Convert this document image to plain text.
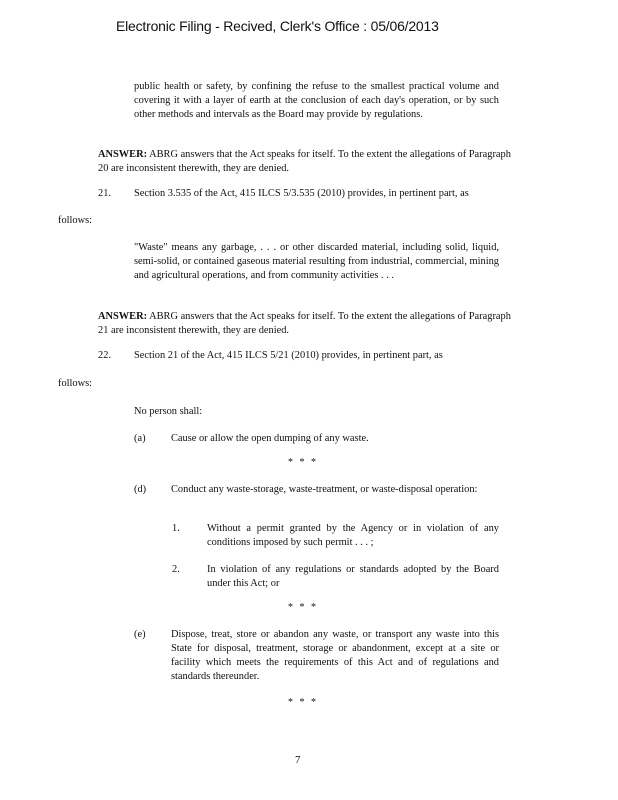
Electronic Filing - Recived, Clerk's Office : 05/06/2013

public health or safety, by confining the refuse to the smallest practical volume and covering it with a layer of earth at the conclusion of each day's operation, or by such other methods and intervals as the Board may provide by regulations.

ANSWER: ABRG answers that the Act speaks for itself. To the extent the allegations of Paragraph 20 are inconsistent therewith, they are denied.

21. Section 3.535 of the Act, 415 ILCS 5/3.535 (2010) provides, in pertinent part, as

follows:

"Waste" means any garbage, . . . or other discarded material, including solid, liquid, semi-solid, or contained gaseous material resulting from industrial, commercial, mining and agricultural operations, and from community activities . . .

ANSWER: ABRG answers that the Act speaks for itself. To the extent the allegations of Paragraph 21 are inconsistent therewith, they are denied.

22. Section 21 of the Act, 415 ILCS 5/21 (2010) provides, in pertinent part, as

follows:
No person shall:
(a) Cause or allow the open dumping of any waste.
* * *
(d) Conduct any waste-storage, waste-treatment, or waste-disposal operation:
1.	Without a permit granted by the Agency or in violation of any conditions imposed by such permit . . . ;
2.	In violation of any regulations or standards adopted by the Board under this Act; or
* * *
(e) Dispose, treat, store or abandon any waste, or transport any waste into this State for disposal, treatment, storage or abandonment, except at a site or facility which meets the requirements of this Act and of regulations and standards thereunder.
* * *
7
